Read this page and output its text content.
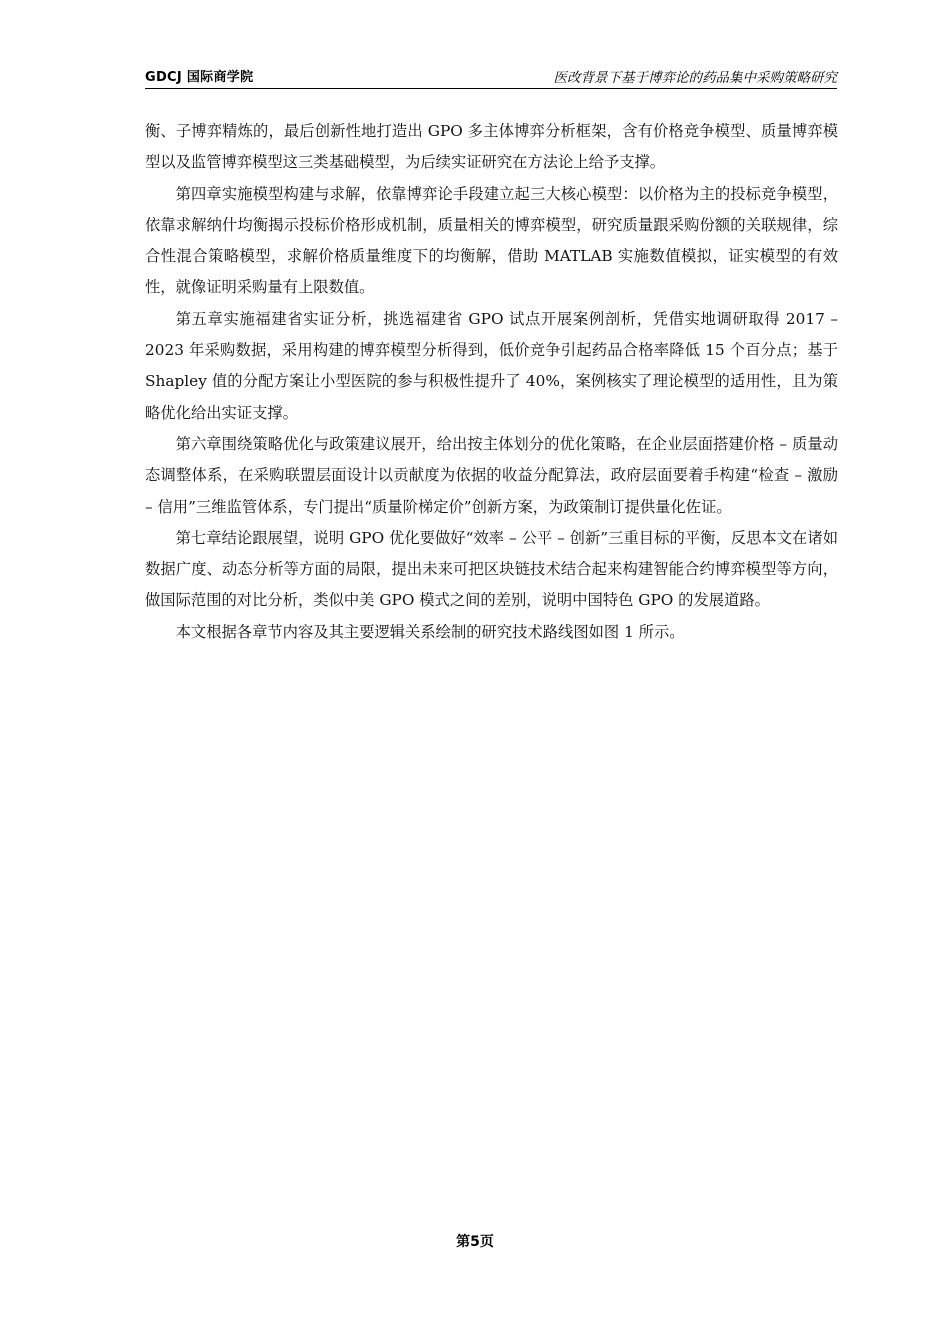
GDCJ 国际商学院	医改背景下基于博弈论的药品集中采购策略研究

衡、子博弈精炼的，最后创新性地打造出 GPO 多主体博弈分析框架，含有价格竞争模型、质量博弈模型以及监管博弈模型这三类基础模型，为后续实证研究在方法论上给予支撑。

第四章实施模型构建与求解，依靠博弈论手段建立起三大核心模型：以价格为主的投标竞争模型，依靠求解纳什均衡揭示投标价格形成机制，质量相关的博弈模型，研究质量跟采购份额的关联规律，综合性混合策略模型，求解价格质量维度下的均衡解，借助 MATLAB 实施数值模拟，证实模型的有效性，就像证明采购量有上限数值。

第五章实施福建省实证分析，挑选福建省 GPO 试点开展案例剖析，凭借实地调研取得 2017 – 2023 年采购数据，采用构建的博弈模型分析得到，低价竞争引起药品合格率降低 15 个百分点；基于 Shapley 值的分配方案让小型医院的参与积极性提升了 40%，案例核实了理论模型的适用性，且为策略优化给出实证支撑。

第六章围绕策略优化与政策建议展开，给出按主体划分的优化策略，在企业层面搭建价格 – 质量动态调整体系，在采购联盟层面设计以贡献度为依据的收益分配算法，政府层面要着手构建“检查 – 激励 – 信用”三维监管体系，专门提出“质量阶梯定价”创新方案，为政策制订提供量化佐证。

第七章结论跟展望，说明 GPO 优化要做好“效率 – 公平 – 创新”三重目标的平衡，反思本文在诸如数据广度、动态分析等方面的局限，提出未来可把区块链技术结合起来构建智能合约博弈模型等方向，做国际范围的对比分析，类似中美 GPO 模式之间的差别，说明中国特色 GPO 的发展道路。

本文根据各章节内容及其主要逻辑关系绘制的研究技术路线图如图 1 所示。

第5页
